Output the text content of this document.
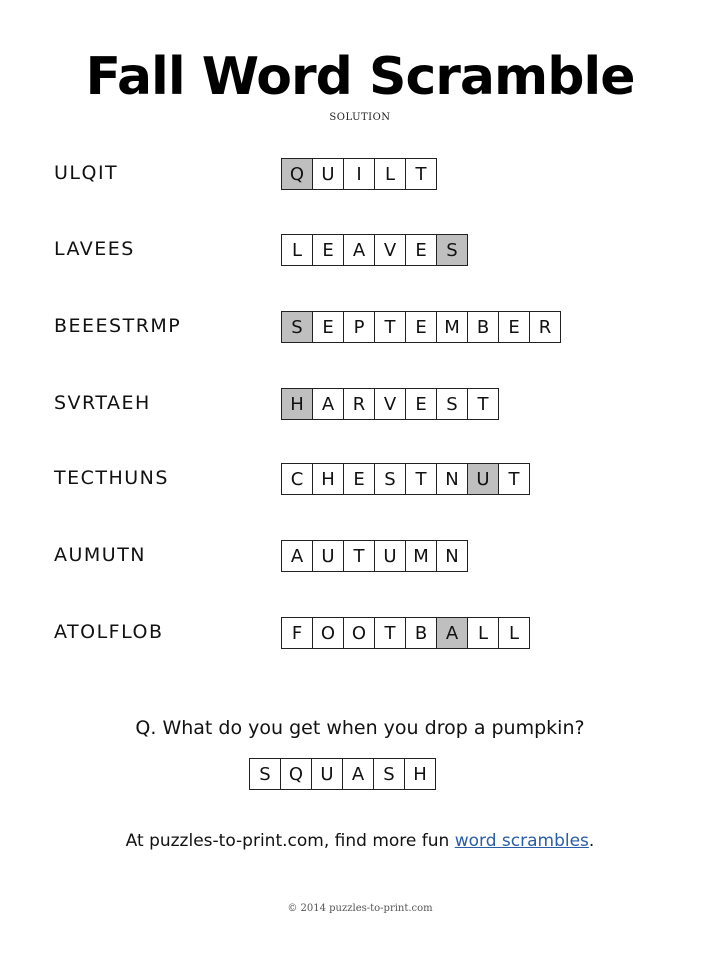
Fall Word Scramble
SOLUTION
ULQIT	Q U	I	L	T
LAVEES	L	E	A	V	E	S
BEEESTRMP	S	E	P	T	E M B	E	R
SVRTAEH	H	A	R	V	E	S	T
TECTHUNS	C H	E	S	T	N U	T
AUMUTN	A	U	T	U M N
ATOLFLOB	F	O O	T	B	A	L	L
Q. What do you get when you drop a pumpkin?
S	Q U	A	S	H
At puzzles-to-print.com, find more fun word scrambles.
© 2014 puzzles-to-print.com
